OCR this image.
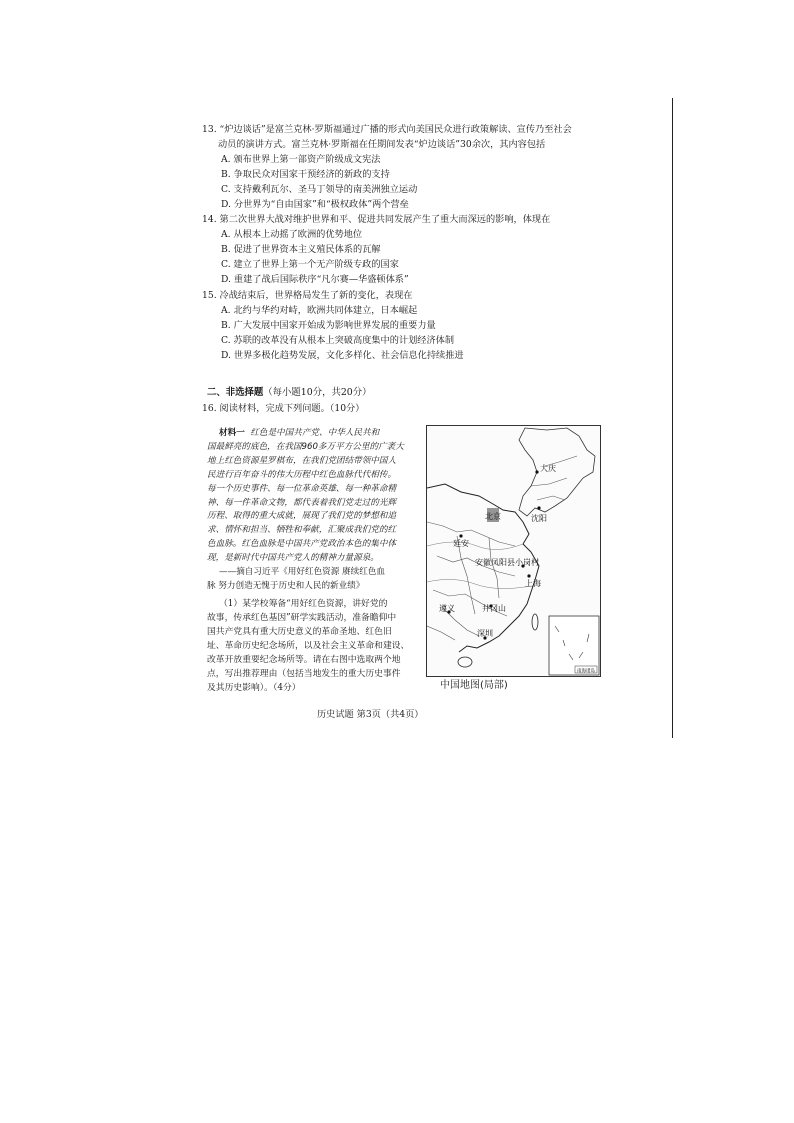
13. “炉边谈话”是富兰克林·罗斯福通过广播的形式向美国民众进行政策解读、宣传乃至社会
动员的演讲方式。富兰克林·罗斯福在任期间发表“炉边谈话”30余次，其内容包括
A. 颁布世界上第一部资产阶级成文宪法
B. 争取民众对国家干预经济的新政的支持
C. 支持戴利瓦尔、圣马丁领导的南美洲独立运动
D. 分世界为“自由国家”和“极权政体”两个营垒
14. 第二次世界大战对维护世界和平、促进共同发展产生了重大而深远的影响，体现在
A. 从根本上动摇了欧洲的优势地位
B. 促进了世界资本主义殖民体系的瓦解
C. 建立了世界上第一个无产阶级专政的国家
D. 重建了战后国际秩序“凡尔赛—华盛顿体系”
15. 冷战结束后，世界格局发生了新的变化，表现在
A. 北约与华约对峙，欧洲共同体建立，日本崛起
B. 广大发展中国家开始成为影响世界发展的重要力量
C. 苏联的改革没有从根本上突破高度集中的计划经济体制
D. 世界多极化趋势发展，文化多样化、社会信息化持续推进
二、非选择题（每小题10分，共20分）
16. 阅读材料，完成下列问题。（10分）

材料一 红色是中国共产党、中华人民共和

国最鲜亮的底色，在我国960多万平方公里的广袤大

地上红色资源星罗棋布，在我们党团结带领中国人

民进行百年奋斗的伟大历程中红色血脉代代相传。

每一个历史事件、每一位革命英雄、每一种革命精

神、每一件革命文物，都代表着我们党走过的光辉

历程、取得的重大成就，展现了我们党的梦想和追

求、情怀和担当、牺牲和奉献，汇聚成我们党的红

色血脉。红色血脉是中国共产党政治本色的集中体

现，是新时代中国共产党人的精神力量源泉。

——摘自习近平《用好红色资源 赓续红色血
脉 努力创造无愧于历史和人民的新业绩》

（1）某学校筹备“用好红色资源，讲好党的

故事，传承红色基因”研学实践活动，准备瞻仰中

国共产党具有重大历史意义的革命圣地、红色旧

址、革命历史纪念场所，以及社会主义革命和建设、

改革开放重要纪念场所等。请在右图中选取两个地

点，写出推荐理由（包括当地发生的重大历史事件

及其历史影响）。（4分）

大庆
北京	沈阳
延安
安徽凤阳县小岗村
上海
遵义	井冈山
深圳
南海诸岛
中国地图(局部)
历史试题 第3页（共4页）
